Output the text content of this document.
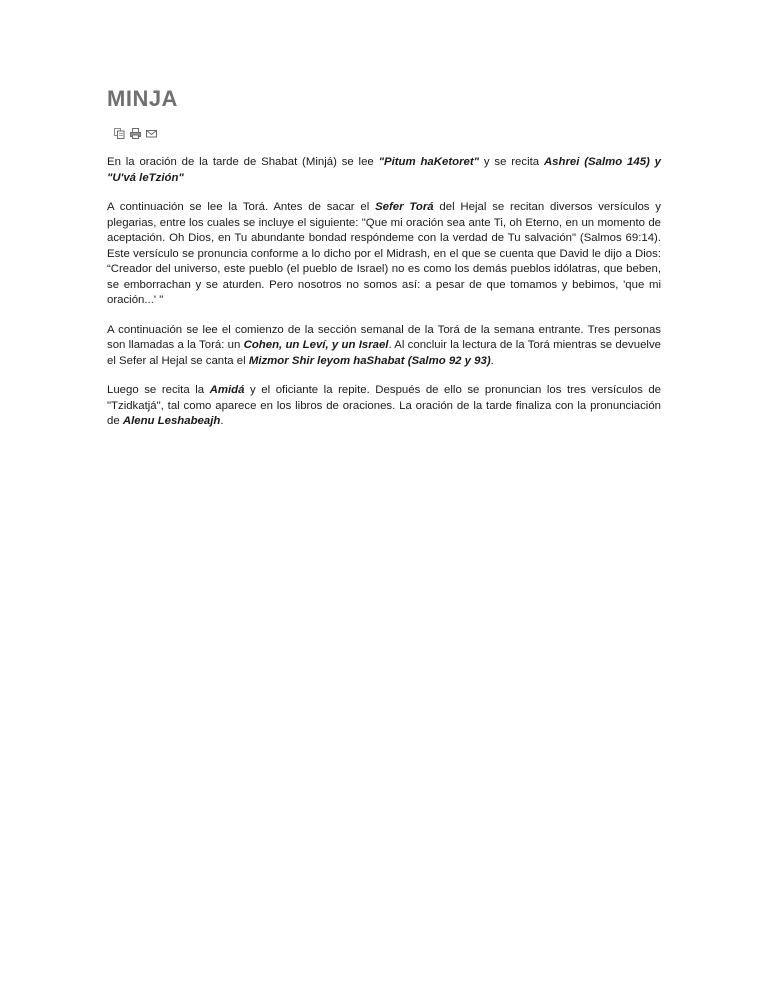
MINJA

En la oración de la tarde de Shabat (Minjá) se lee "Pitum haKetoret" y se recita Ashrei (Salmo 145) y "U'vá leTzión"

A continuación se lee la Torá. Antes de sacar el Sefer Torá del Hejal se recitan diversos versículos y plegarias, entre los cuales se incluye el siguiente: "Que mi oración sea ante Ti, oh Eterno, en un momento de aceptación. Oh Dios, en Tu abundante bondad respóndeme con la verdad de Tu salvación" (Salmos 69:14). Este versículo se pronuncia conforme a lo dicho por el Midrash, en el que se cuenta que David le dijo a Dios: “Creador del universo, este pueblo (el pueblo de Israel) no es como los demás pueblos idólatras, que beben, se emborrachan y se aturden. Pero nosotros no somos así: a pesar de que tomamos y bebimos, 'que mi oración...' "

A continuación se lee el comienzo de la sección semanal de la Torá de la semana entrante. Tres personas son llamadas a la Torá: un Cohen, un Leví, y un Israel. Al concluir la lectura de la Torá mientras se devuelve el Sefer al Hejal se canta el Mizmor Shir leyom haShabat (Salmo 92 y 93).

Luego se recita la Amidá y el oficiante la repite. Después de ello se pronuncian los tres versículos de "Tzidkatjá", tal como aparece en los libros de oraciones. La oración de la tarde finaliza con la pronunciación de Alenu Leshabeajh.
